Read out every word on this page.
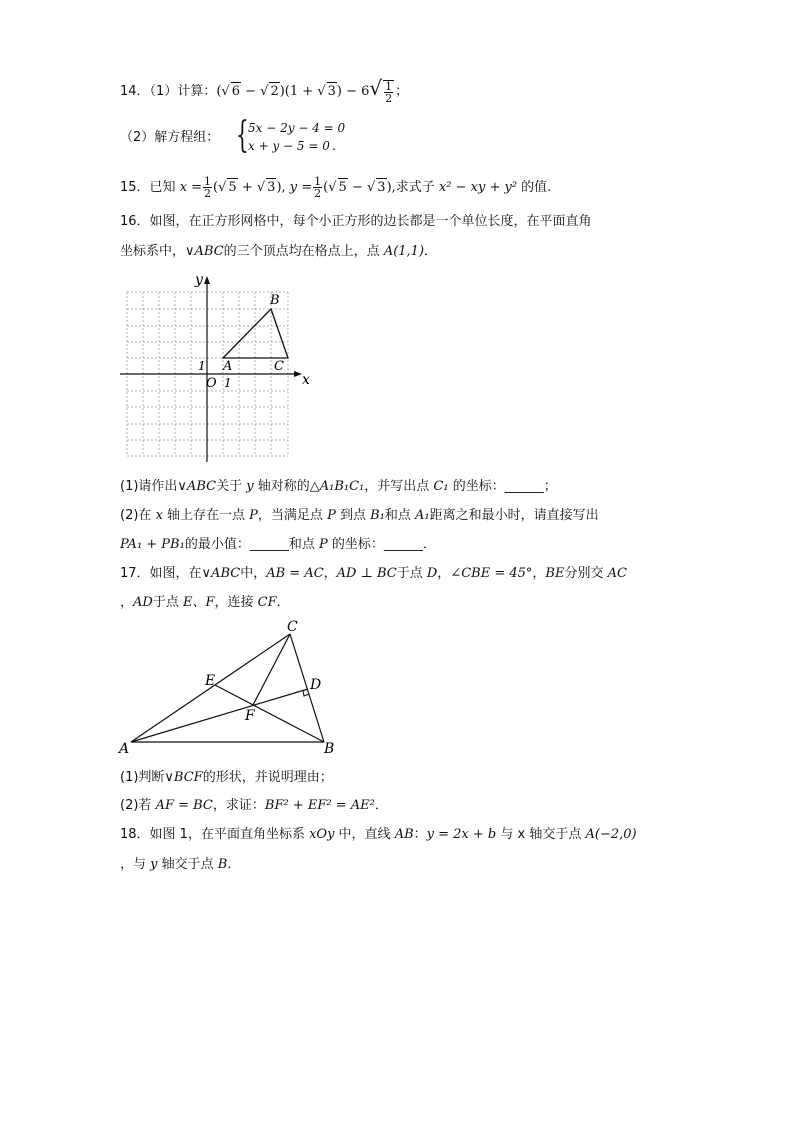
14．（1）计算：(√ 6 − √ 2)(1 + √ $3) - 6√ \frac{1}{2}$ ；
（2）解方程组： { 5x − 2y − 4 = 0
x + y − 5 = 0 .
15．已知 $x = \frac{1}{2}$ (√ 5 + √ 3), $y = \frac{1}{2}$ (√ 5 − √ 3),求式子 x² − xy + y² 的值.
16．如图，在正方形网格中，每个小正方形的边长都是一个单位长度，在平面直角
坐标系中，∨ABC的三个顶点均在格点上，点 A(1,1)．
x
y
O 1
1 A
B
C
(1)请作出∨ABC关于 y 轴对称的△A₁B₁C₁，并写出点 C₁ 的坐标：______；
(2)在 x 轴上存在一点 P，当满足点 P 到点 B₁和点 A₁距离之和最小时，请直接写出
PA₁ + PB₁的最小值：______和点 P 的坐标：______．
17．如图，在∨ABC中，AB = AC，AD ⊥ BC于点 D，∠CBE = 45°，BE分别交 AC
，AD于点 E、F，连接 CF．
C
E	D
F
A	B
(1)判断∨BCF的形状，并说明理由；
(2)若 AF = BC，求证：BF² + EF² = AE²．
18．如图 1，在平面直角坐标系 xOy 中，直线 AB：y = 2x + b 与 x 轴交于点 A(−2,0)
，与 y 轴交于点 B．
